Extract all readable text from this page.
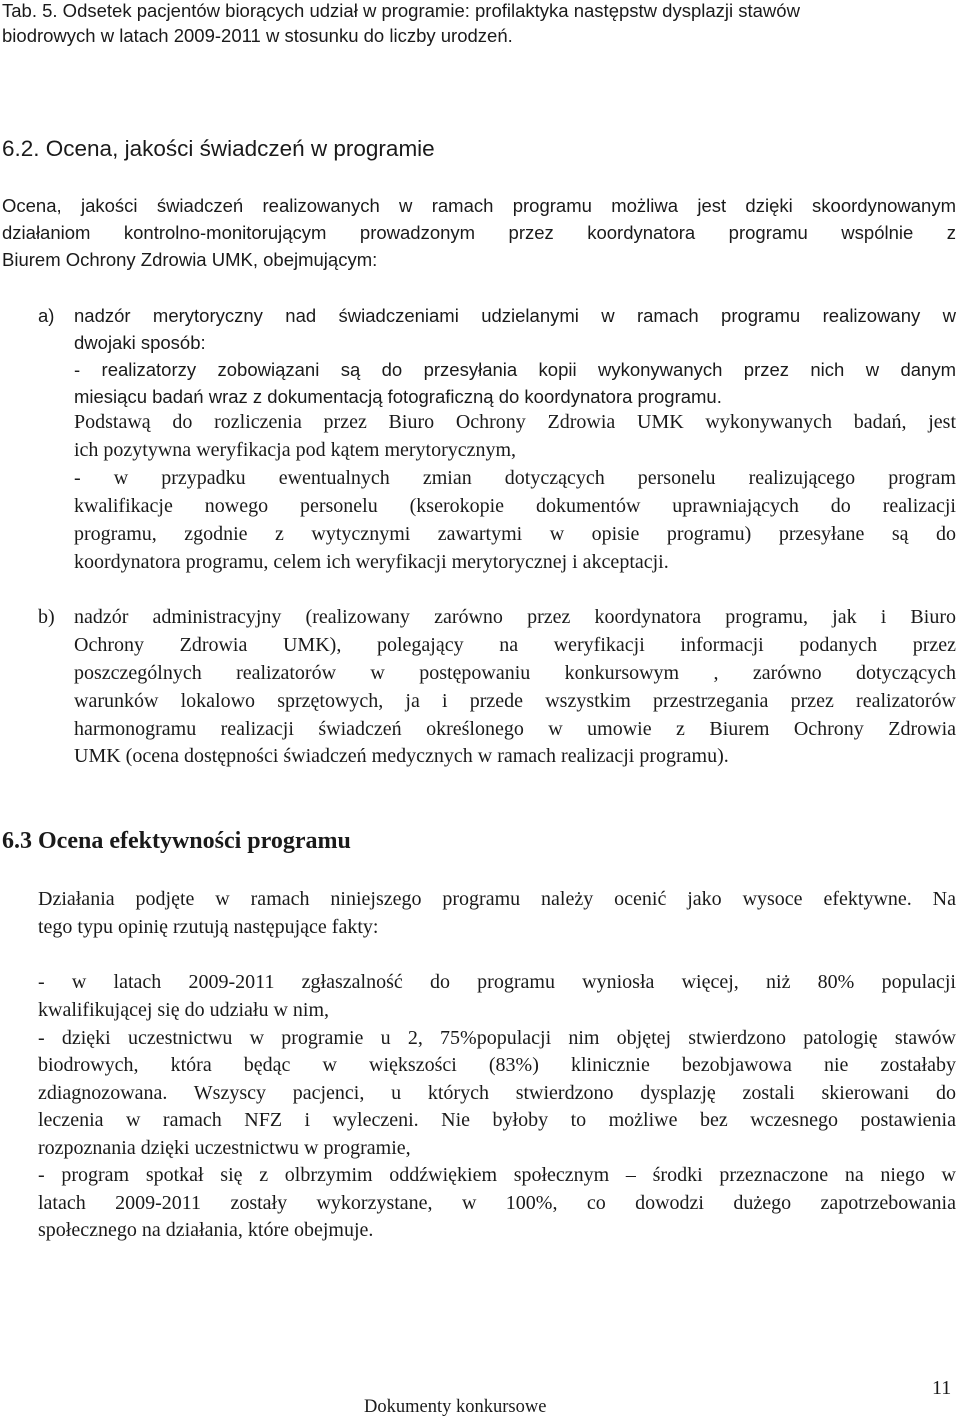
Tab. 5. Odsetek pacjentów biorących udział w programie: profilaktyka następstw dysplazji stawów
biodrowych w latach 2009-2011 w stosunku do liczby urodzeń.
6.2. Ocena, jakości świadczeń w programie
Ocena, jakości świadczeń realizowanych w ramach programu możliwa jest dzięki skoordynowanym
działaniom kontrolno-monitorującym prowadzonym przez koordynatora programu wspólnie z
Biurem Ochrony Zdrowia UMK, obejmującym:
a) nadzór merytoryczny nad świadczeniami udzielanymi w ramach programu realizowany w
dwojaki sposób:
- realizatorzy zobowiązani są do przesyłania kopii wykonywanych przez nich w danym
miesiącu badań wraz z dokumentacją fotograficzną do koordynatora programu.
Podstawą do rozliczenia przez Biuro Ochrony Zdrowia UMK wykonywanych badań, jest
ich pozytywna weryfikacja pod kątem merytorycznym,
- w przypadku ewentualnych zmian dotyczących personelu realizującego program
kwalifikacje nowego personelu (kserokopie dokumentów uprawniających do realizacji
programu, zgodnie z wytycznymi zawartymi w opisie programu) przesyłane są do
koordynatora programu, celem ich weryfikacji merytorycznej i akceptacji.
b) nadzór administracyjny (realizowany zarówno przez koordynatora programu, jak i Biuro
Ochrony Zdrowia UMK), polegający na weryfikacji informacji podanych przez
poszczególnych realizatorów w postępowaniu konkursowym , zarówno dotyczących
warunków lokalowo sprzętowych, ja i przede wszystkim przestrzegania przez realizatorów
harmonogramu realizacji świadczeń określonego w umowie z Biurem Ochrony Zdrowia
UMK (ocena dostępności świadczeń medycznych w ramach realizacji programu).
6.3 Ocena efektywności programu
Działania podjęte w ramach niniejszego programu należy ocenić jako wysoce efektywne. Na
tego typu opinię rzutują następujące fakty:
- w latach 2009-2011 zgłaszalność do programu wyniosła więcej, niż 80% populacji
kwalifikującej się do udziału w nim,
- dzięki uczestnictwu w programie u 2, 75%populacji nim objętej stwierdzono patologię stawów
biodrowych, która będąc w większości (83%) klinicznie bezobjawowa nie zostałaby
zdiagnozowana. Wszyscy pacjenci, u których stwierdzono dysplazję zostali skierowani do
leczenia w ramach NFZ i wyleczeni. Nie byłoby to możliwe bez wczesnego postawienia
rozpoznania dzięki uczestnictwu w programie,
- program spotkał się z olbrzymim oddźwiękiem społecznym – środki przeznaczone na niego w
latach 2009-2011 zostały wykorzystane, w 100%, co dowodzi dużego zapotrzebowania
społecznego na działania, które obejmuje.
11
Dokumenty konkursowe
